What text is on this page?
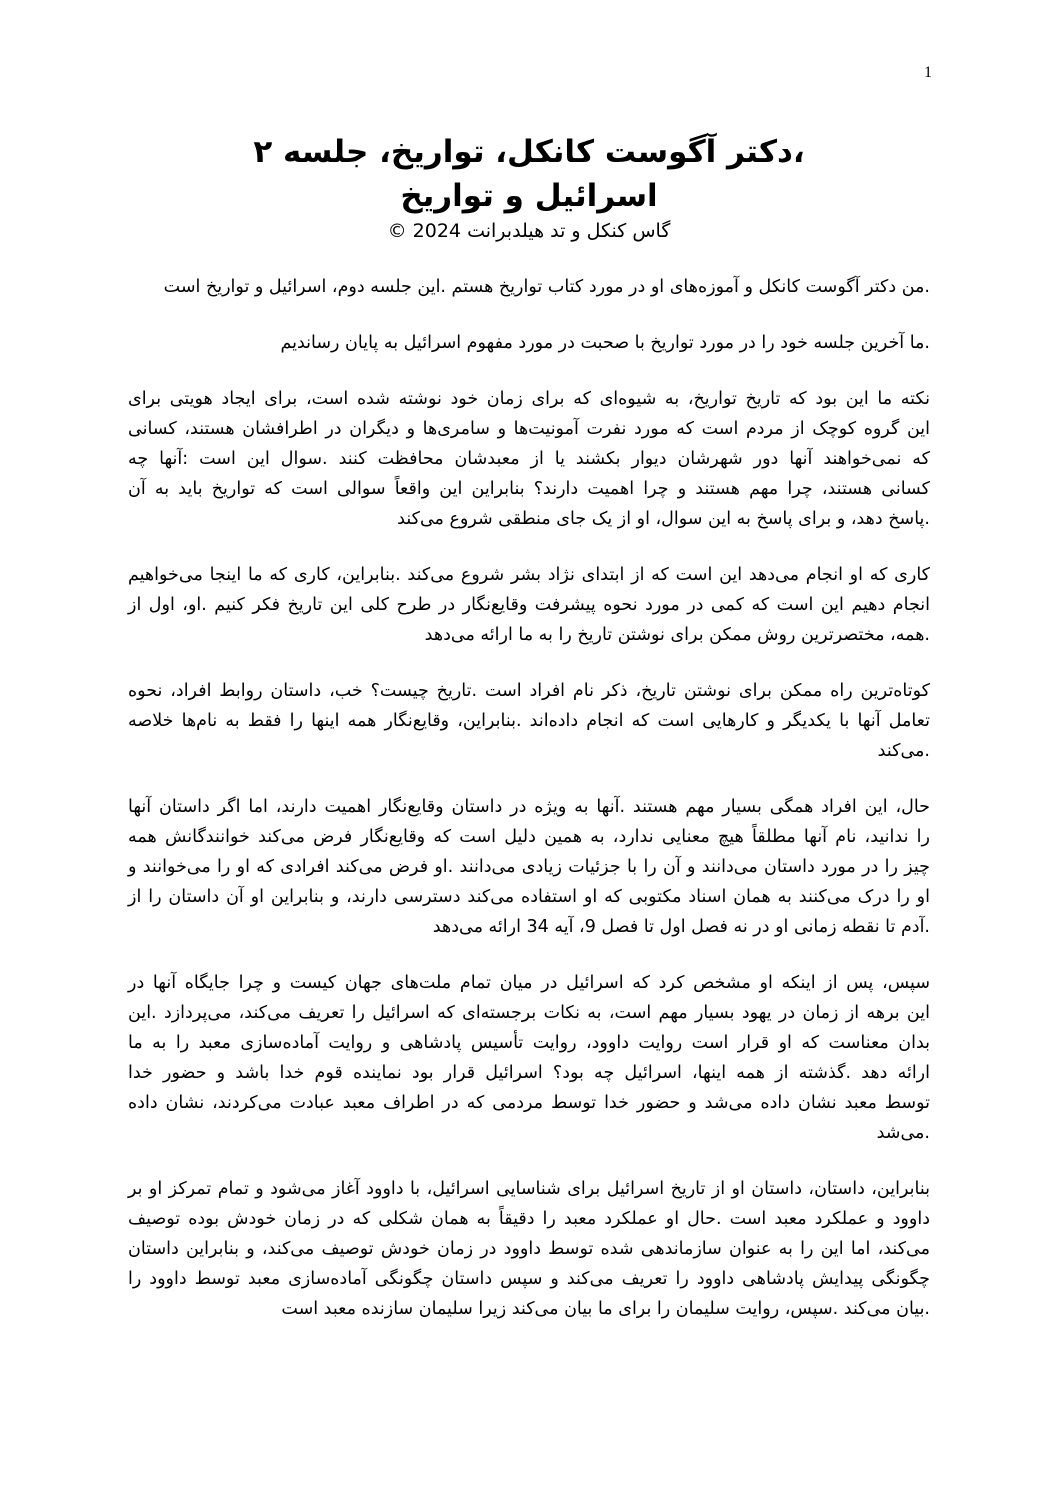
1
،دکتر آگوست کانکل، تواریخ، جلسه ۲
اسرائیل و تواریخ
گاس کنکل و تد هیلدبرانت 2024 ©
.من دکتر آگوست کانکل و آموزه‌های او در مورد کتاب تواریخ هستم .این جلسه دوم، اسرائیل و تواریخ است
.ما آخرین جلسه خود را در مورد تواریخ با صحبت در مورد مفهوم اسرائیل به پایان رساندیم
نکته ما این بود که تاریخ تواریخ، به شیوه‌ای که برای زمان خود نوشته شده است، برای ایجاد هویتی برای
این گروه کوچک از مردم است که مورد نفرت آمونیت‌ها و سامری‌ها و دیگران در اطرافشان هستند، کسانی
که نمی‌خواهند آنها دور شهرشان دیوار بکشند یا از معبدشان محافظت کنند .سوال این است :آنها چه
کسانی هستند، چرا مهم هستند و چرا اهمیت دارند؟ بنابراین این واقعاً سوالی است که تواریخ باید به آن
.پاسخ دهد، و برای پاسخ به این سوال، او از یک جای منطقی شروع می‌کند
کاری که او انجام می‌دهد این است که از ابتدای نژاد بشر شروع می‌کند .بنابراین، کاری که ما اینجا می‌خواهیم
انجام دهیم این است که کمی در مورد نحوه پیشرفت وقایع‌نگار در طرح کلی این تاریخ فکر کنیم .او، اول از
.همه، مختصرترین روش ممکن برای نوشتن تاریخ را به ما ارائه می‌دهد
کوتاه‌ترین راه ممکن برای نوشتن تاریخ، ذکر نام افراد است .تاریخ چیست؟ خب، داستان روابط افراد، نحوه
تعامل آنها با یکدیگر و کارهایی است که انجام داده‌اند .بنابراین، وقایع‌نگار همه اینها را فقط به نام‌ها خلاصه
.می‌کند
حال، این افراد همگی بسیار مهم هستند .آنها به ویژه در داستان وقایع‌نگار اهمیت دارند، اما اگر داستان آنها
را ندانید، نام آنها مطلقاً هیچ معنایی ندارد، به همین دلیل است که وقایع‌نگار فرض می‌کند خوانندگانش همه
چیز را در مورد داستان می‌دانند و آن را با جزئیات زیادی می‌دانند .او فرض می‌کند افرادی که او را می‌خوانند و
او را درک می‌کنند به همان اسناد مکتوبی که او استفاده می‌کند دسترسی دارند، و بنابراین او آن داستان را از
.آدم تا نقطه زمانی او در نه فصل اول تا فصل 9، آیه 34 ارائه می‌دهد
سپس، پس از اینکه او مشخص کرد که اسرائیل در میان تمام ملت‌های جهان کیست و چرا جایگاه آنها در
این برهه از زمان در یهود بسیار مهم است، به نکات برجسته‌ای که اسرائیل را تعریف می‌کند، می‌پردازد .این
بدان معناست که او قرار است روایت داوود، روایت تأسیس پادشاهی و روایت آماده‌سازی معبد را به ما
ارائه دهد .گذشته از همه اینها، اسرائیل چه بود؟ اسرائیل قرار بود نماینده قوم خدا باشد و حضور خدا
توسط معبد نشان داده می‌شد و حضور خدا توسط مردمی که در اطراف معبد عبادت می‌کردند، نشان داده
.می‌شد
بنابراین، داستان، داستان او از تاریخ اسرائیل برای شناسایی اسرائیل، با داوود آغاز می‌شود و تمام تمرکز او بر
داوود و عملکرد معبد است .حال او عملکرد معبد را دقیقاً به همان شکلی که در زمان خودش بوده توصیف
می‌کند، اما این را به عنوان سازماندهی شده توسط داوود در زمان خودش توصیف می‌کند، و بنابراین داستان
چگونگی پیدایش پادشاهی داوود را تعریف می‌کند و سپس داستان چگونگی آماده‌سازی معبد توسط داوود را
.بیان می‌کند .سپس، روایت سلیمان را برای ما بیان می‌کند زیرا سلیمان سازنده معبد است
